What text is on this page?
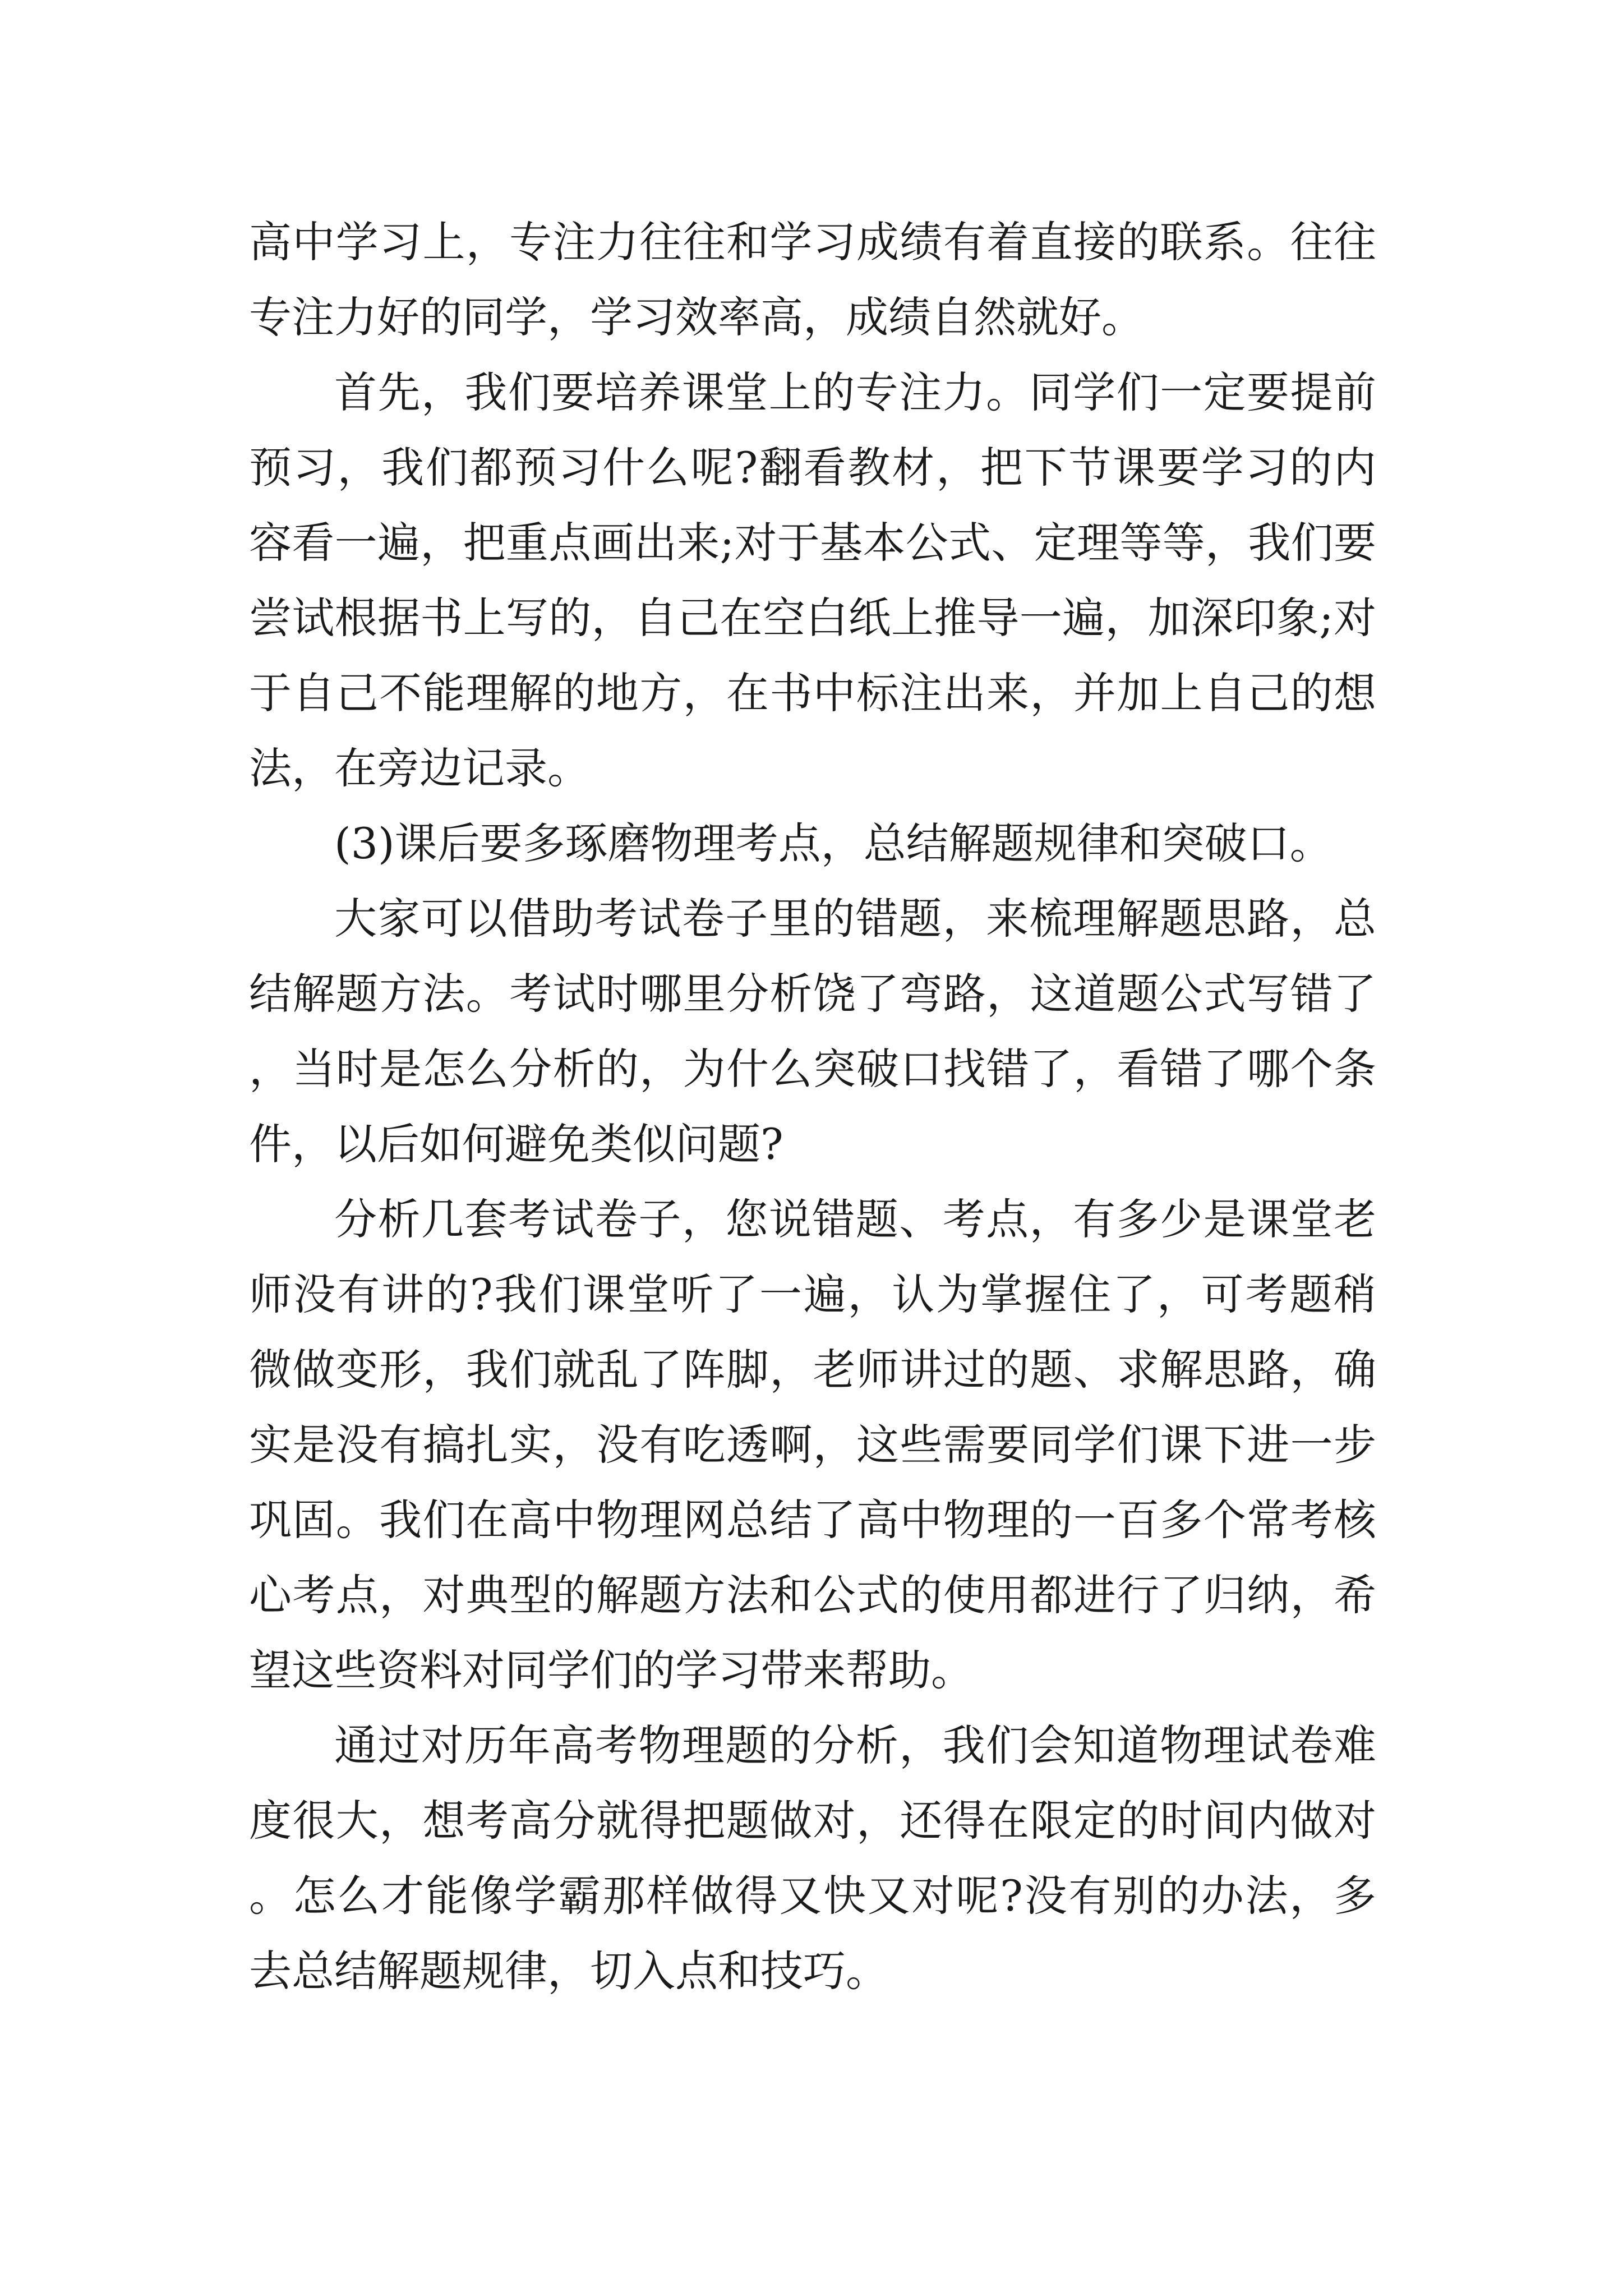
高中学习上，专注力往往和学习成绩有着直接的联系。往往专注力好的同学，学习效率高，成绩自然就好。

首先，我们要培养课堂上的专注力。同学们一定要提前预习，我们都预习什么呢?翻看教材，把下节课要学习的内容看一遍，把重点画出来;对于基本公式、定理等等，我们要尝试根据书上写的，自己在空白纸上推导一遍，加深印象;对于自己不能理解的地方，在书中标注出来，并加上自己的想法，在旁边记录。

(3)课后要多琢磨物理考点，总结解题规律和突破口。

大家可以借助考试卷子里的错题，来梳理解题思路，总结解题方法。考试时哪里分析饶了弯路，这道题公式写错了，当时是怎么分析的，为什么突破口找错了，看错了哪个条件，以后如何避免类似问题?

分析几套考试卷子，您说错题、考点，有多少是课堂老师没有讲的?我们课堂听了一遍，认为掌握住了，可考题稍微做变形，我们就乱了阵脚，老师讲过的题、求解思路，确实是没有搞扎实，没有吃透啊，这些需要同学们课下进一步巩固。我们在高中物理网总结了高中物理的一百多个常考核心考点，对典型的解题方法和公式的使用都进行了归纳，希望这些资料对同学们的学习带来帮助。

通过对历年高考物理题的分析，我们会知道物理试卷难度很大，想考高分就得把题做对，还得在限定的时间内做对。怎么才能像学霸那样做得又快又对呢?没有别的办法，多去总结解题规律，切入点和技巧。
